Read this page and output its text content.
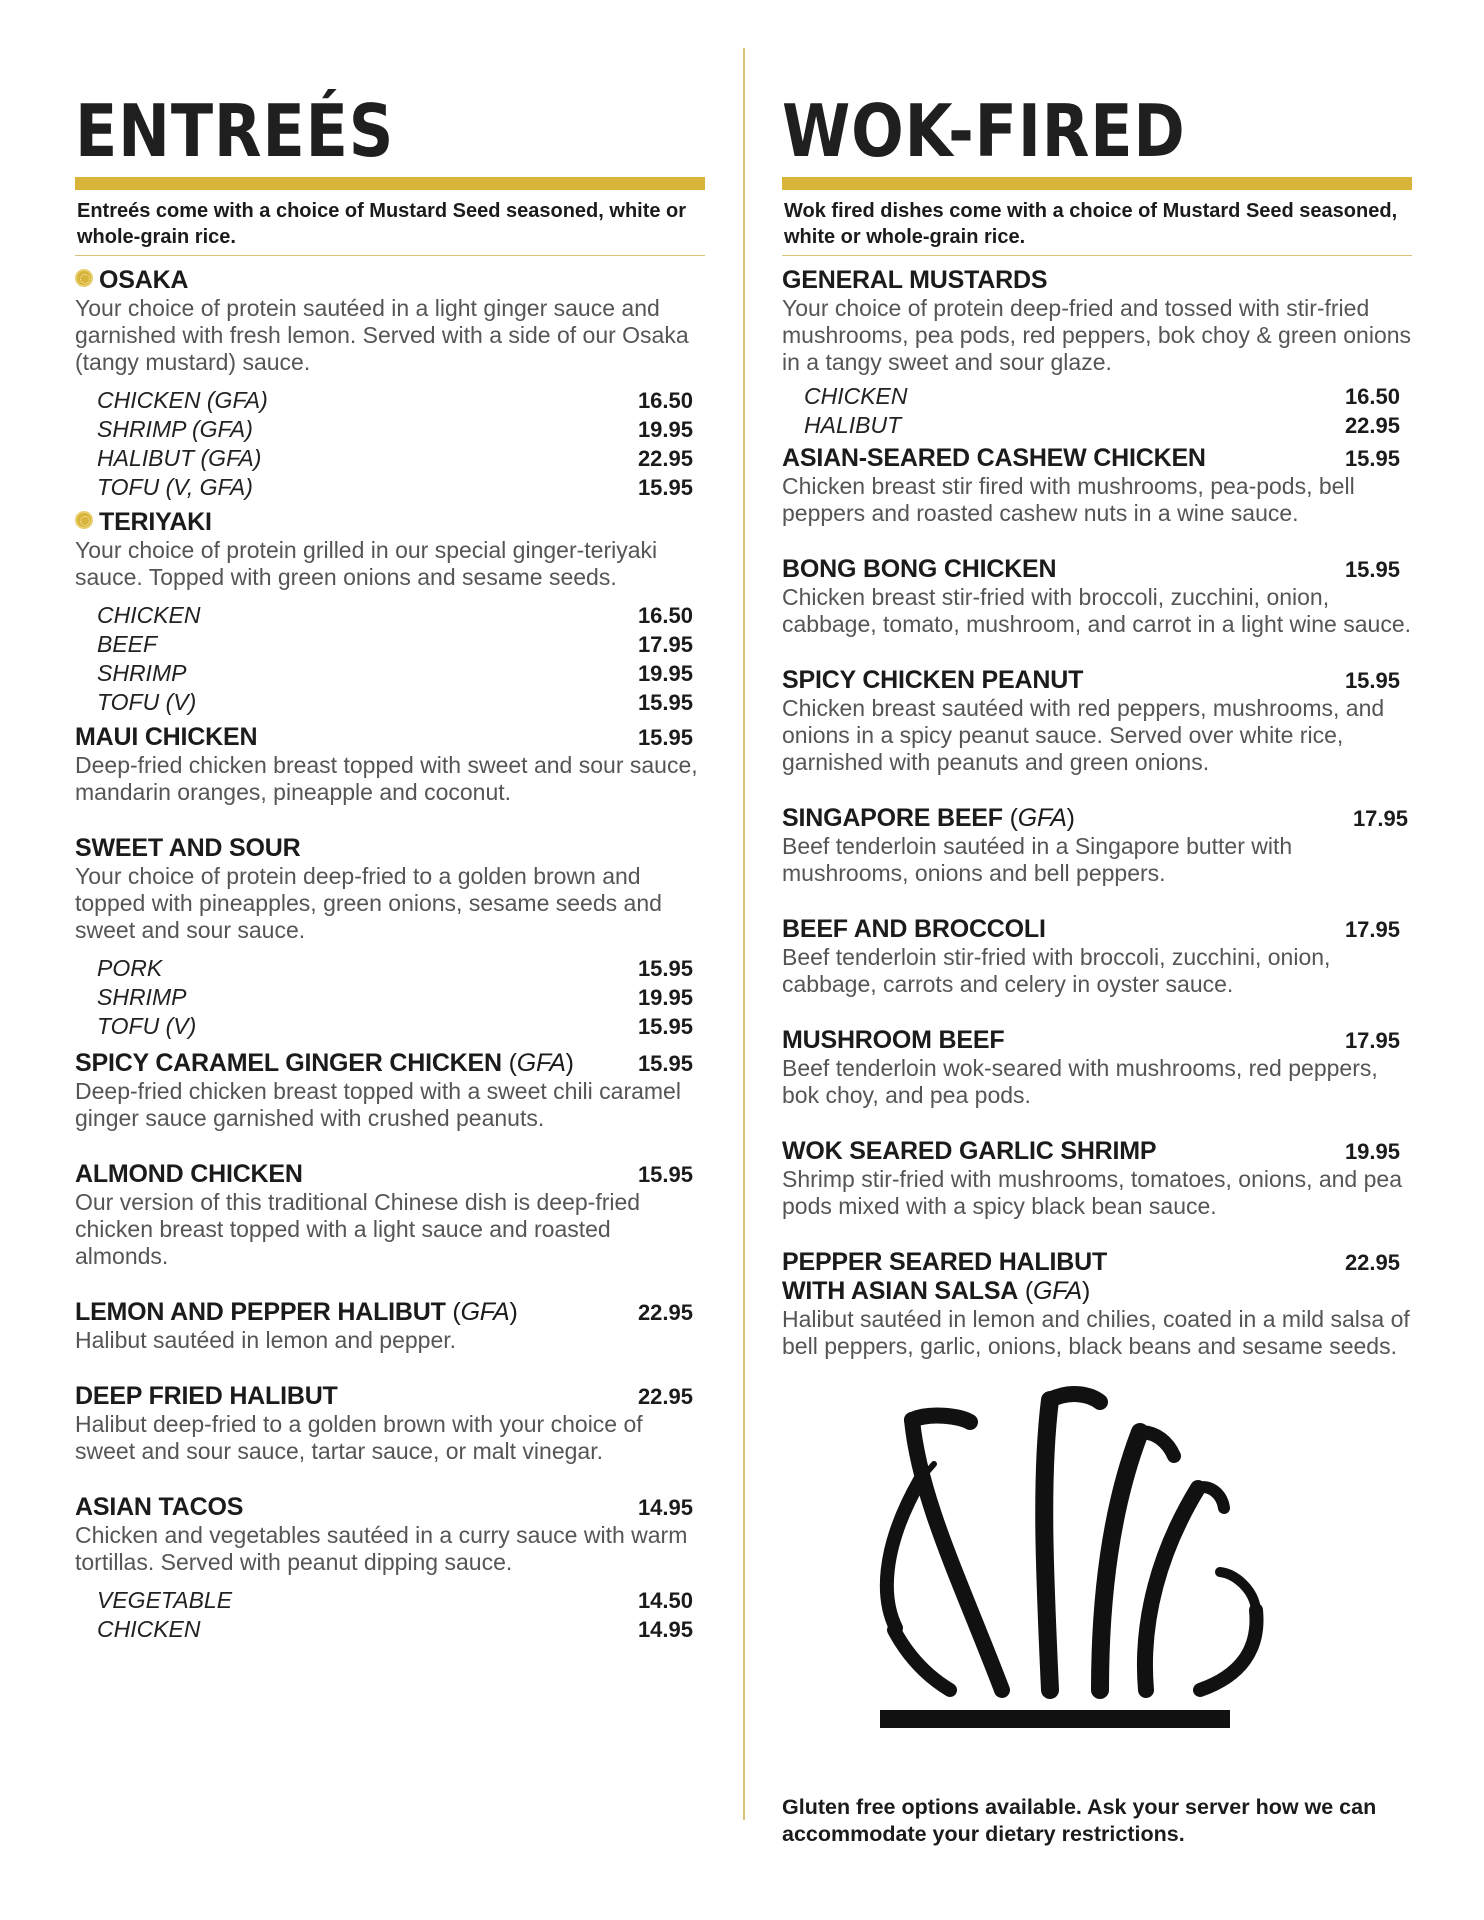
ENTREÉS
Entreés come with a choice of Mustard Seed seasoned, white or whole-grain rice.
OSAKA
Your choice of protein sautéed in a light ginger sauce and garnished with fresh lemon. Served with a side of our Osaka (tangy mustard) sauce.
CHICKEN (GFA)	16.50
SHRIMP (GFA)	19.95
HALIBUT (GFA)	22.95
TOFU (V, GFA)	15.95
TERIYAKI
Your choice of protein grilled in our special ginger-teriyaki sauce. Topped with green onions and sesame seeds.
CHICKEN	16.50
BEEF	17.95
SHRIMP	19.95
TOFU (V)	15.95
MAUI CHICKEN	15.95
Deep-fried chicken breast topped with sweet and sour sauce, mandarin oranges, pineapple and coconut.
SWEET AND SOUR
Your choice of protein deep-fried to a golden brown and topped with pineapples, green onions, sesame seeds and sweet and sour sauce.
PORK	15.95
SHRIMP	19.95
TOFU (V)	15.95
SPICY CARAMEL GINGER CHICKEN (GFA)	15.95
Deep-fried chicken breast topped with a sweet chili caramel ginger sauce garnished with crushed peanuts.
ALMOND CHICKEN	15.95
Our version of this traditional Chinese dish is deep-fried chicken breast topped with a light sauce and roasted almonds.
LEMON AND PEPPER HALIBUT (GFA)	22.95
Halibut sautéed in lemon and pepper.
DEEP FRIED HALIBUT	22.95
Halibut deep-fried to a golden brown with your choice of sweet and sour sauce, tartar sauce, or malt vinegar.
ASIAN TACOS	14.95
Chicken and vegetables sautéed in a curry sauce with warm tortillas. Served with peanut dipping sauce.
VEGETABLE	14.50
CHICKEN	14.95
WOK-FIRED
Wok fired dishes come with a choice of Mustard Seed seasoned, white or whole-grain rice.
GENERAL MUSTARDS
Your choice of protein deep-fried and tossed with stir-fried mushrooms, pea pods, red peppers, bok choy & green onions in a tangy sweet and sour glaze.
CHICKEN	16.50
HALIBUT	22.95
ASIAN-SEARED CASHEW CHICKEN	15.95
Chicken breast stir fired with mushrooms, pea-pods, bell peppers and roasted cashew nuts in a wine sauce.
BONG BONG CHICKEN	15.95
Chicken breast stir-fried with broccoli, zucchini, onion, cabbage, tomato, mushroom, and carrot in a light wine sauce.
SPICY CHICKEN PEANUT	15.95
Chicken breast sautéed with red peppers, mushrooms, and onions in a spicy peanut sauce. Served over white rice, garnished with peanuts and green onions.
SINGAPORE BEEF (GFA)	17.95
Beef tenderloin sautéed in a Singapore butter with mushrooms, onions and bell peppers.
BEEF AND BROCCOLI	17.95
Beef tenderloin stir-fried with broccoli, zucchini, onion, cabbage, carrots and celery in oyster sauce.
MUSHROOM BEEF	17.95
Beef tenderloin wok-seared with mushrooms, red peppers, bok choy, and pea pods.
WOK SEARED GARLIC SHRIMP	19.95
Shrimp stir-fried with mushrooms, tomatoes, onions, and pea pods mixed with a spicy black bean sauce.
PEPPER SEARED HALIBUT	22.95
WITH ASIAN SALSA (GFA)
Halibut sautéed in lemon and chilies, coated in a mild salsa of bell peppers, garlic, onions, black beans and sesame seeds.
Gluten free options available. Ask your server how we can accommodate your dietary restrictions.
